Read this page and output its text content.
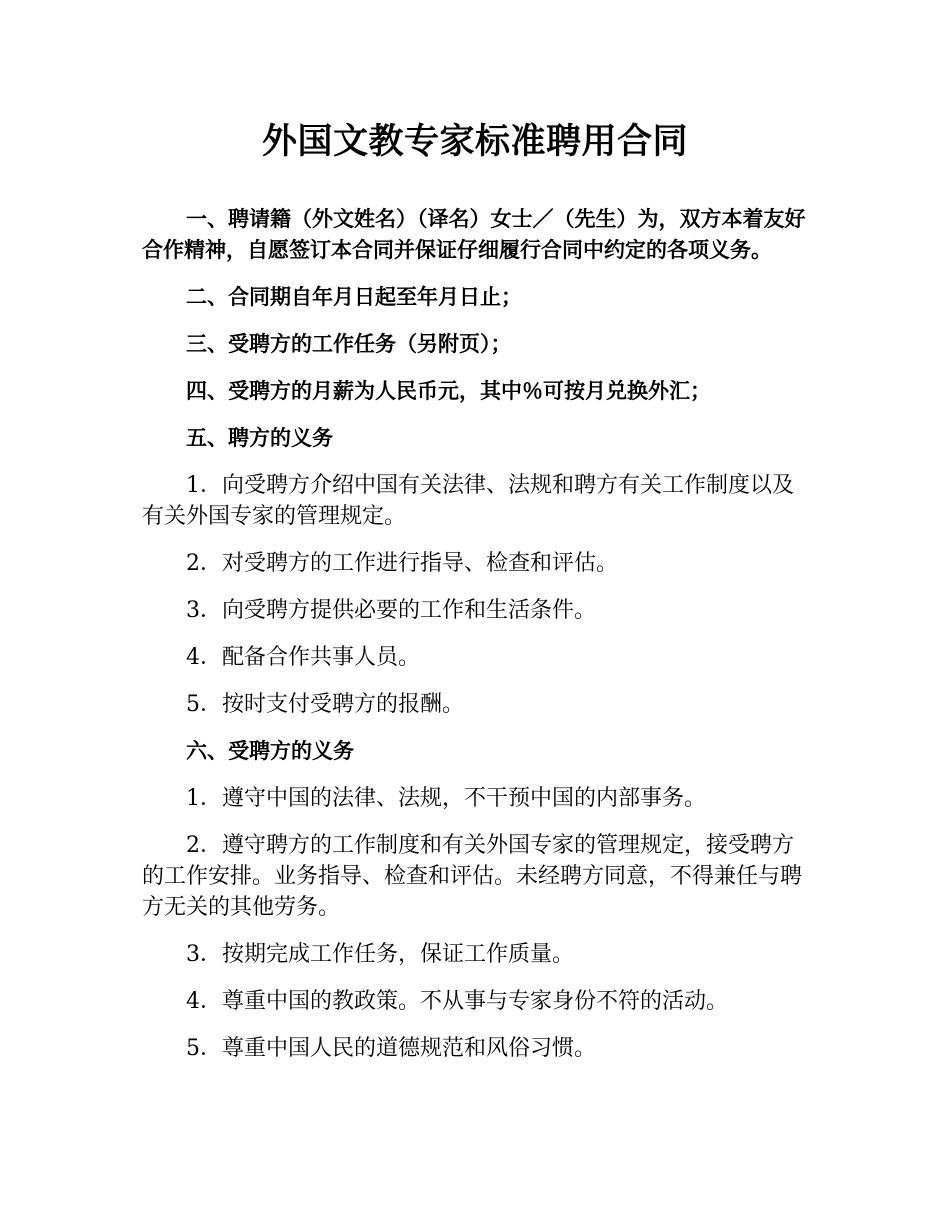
外国文教专家标准聘用合同

一、聘请籍（外文姓名）（译名）女士／（先生）为，双方本着友好合作精神，自愿签订本合同并保证仔细履行合同中约定的各项义务。

二、合同期自年月日起至年月日止；

三、受聘方的工作任务（另附页）；

四、受聘方的月薪为人民币元，其中％可按月兑换外汇；

五、聘方的义务

1．向受聘方介绍中国有关法律、法规和聘方有关工作制度以及有关外国专家的管理规定。

2．对受聘方的工作进行指导、检查和评估。

3．向受聘方提供必要的工作和生活条件。

4．配备合作共事人员。

5．按时支付受聘方的报酬。

六、受聘方的义务

1．遵守中国的法律、法规，不干预中国的内部事务。

2．遵守聘方的工作制度和有关外国专家的管理规定，接受聘方的工作安排。业务指导、检查和评估。未经聘方同意，不得兼任与聘方无关的其他劳务。

3．按期完成工作任务，保证工作质量。

4．尊重中国的教政策。不从事与专家身份不符的活动。

5．尊重中国人民的道德规范和风俗习惯。
